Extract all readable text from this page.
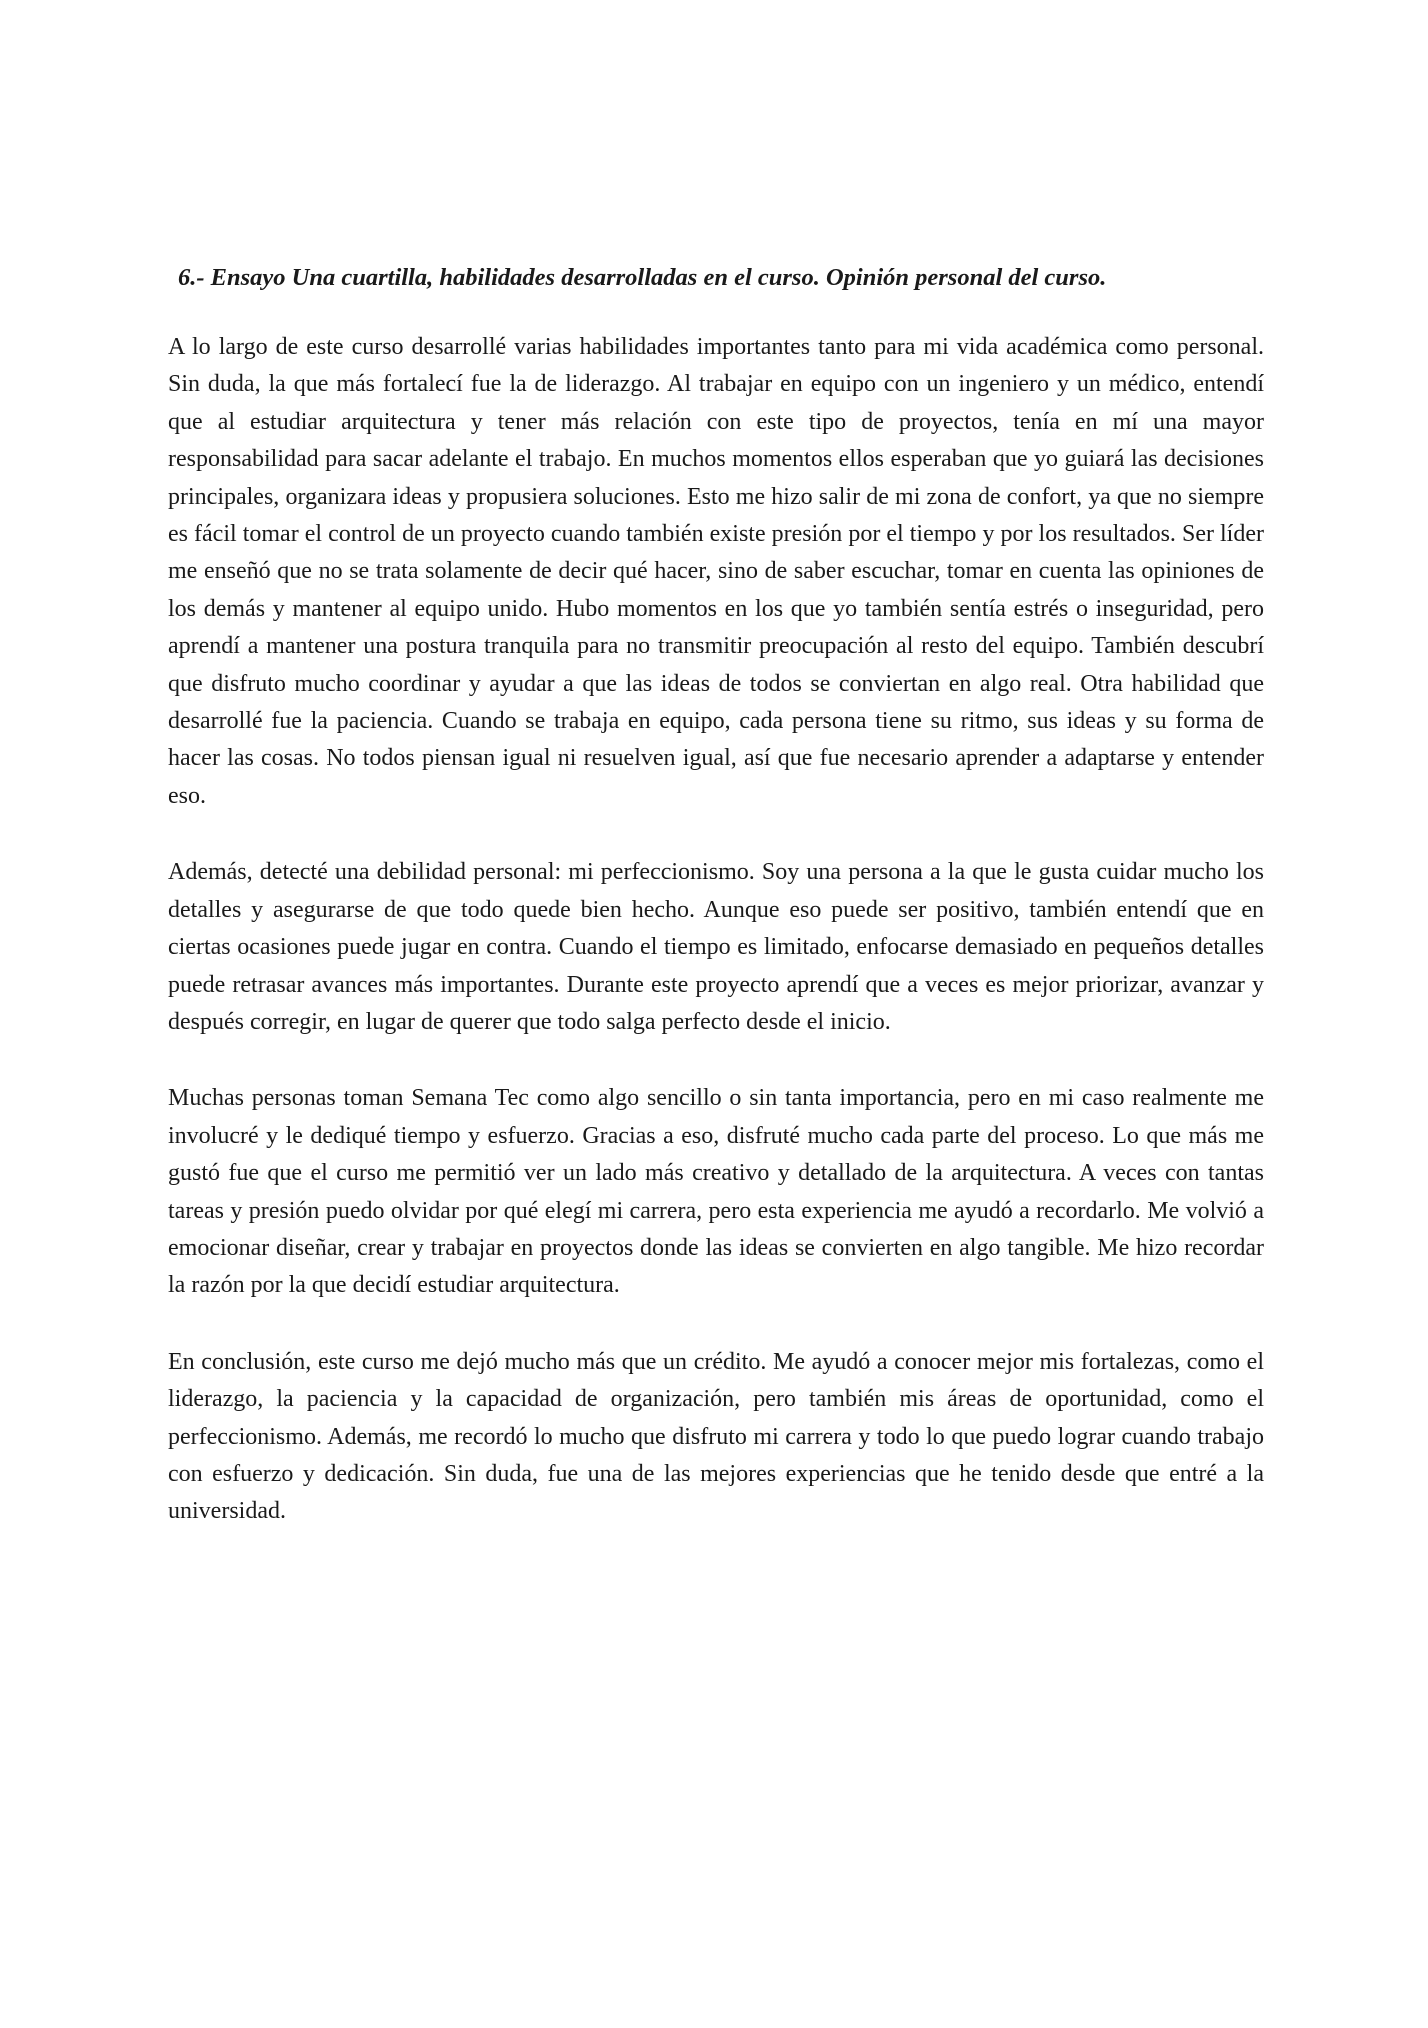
6.- Ensayo Una cuartilla, habilidades desarrolladas en el curso. Opinión personal del curso.

A lo largo de este curso desarrollé varias habilidades importantes tanto para mi vida académica como personal. Sin duda, la que más fortalecí fue la de liderazgo. Al trabajar en equipo con un ingeniero y un médico, entendí que al estudiar arquitectura y tener más relación con este tipo de proyectos, tenía en mí una mayor responsabilidad para sacar adelante el trabajo. En muchos momentos ellos esperaban que yo guiará las decisiones principales, organizara ideas y propusiera soluciones. Esto me hizo salir de mi zona de confort, ya que no siempre es fácil tomar el control de un proyecto cuando también existe presión por el tiempo y por los resultados. Ser líder me enseñó que no se trata solamente de decir qué hacer, sino de saber escuchar, tomar en cuenta las opiniones de los demás y mantener al equipo unido. Hubo momentos en los que yo también sentía estrés o inseguridad, pero aprendí a mantener una postura tranquila para no transmitir preocupación al resto del equipo. También descubrí que disfruto mucho coordinar y ayudar a que las ideas de todos se conviertan en algo real. Otra habilidad que desarrollé fue la paciencia. Cuando se trabaja en equipo, cada persona tiene su ritmo, sus ideas y su forma de hacer las cosas. No todos piensan igual ni resuelven igual, así que fue necesario aprender a adaptarse y entender eso.

Además, detecté una debilidad personal: mi perfeccionismo. Soy una persona a la que le gusta cuidar mucho los detalles y asegurarse de que todo quede bien hecho. Aunque eso puede ser positivo, también entendí que en ciertas ocasiones puede jugar en contra. Cuando el tiempo es limitado, enfocarse demasiado en pequeños detalles puede retrasar avances más importantes. Durante este proyecto aprendí que a veces es mejor priorizar, avanzar y después corregir, en lugar de querer que todo salga perfecto desde el inicio.

Muchas personas toman Semana Tec como algo sencillo o sin tanta importancia, pero en mi caso realmente me involucré y le dediqué tiempo y esfuerzo. Gracias a eso, disfruté mucho cada parte del proceso. Lo que más me gustó fue que el curso me permitió ver un lado más creativo y detallado de la arquitectura. A veces con tantas tareas y presión puedo olvidar por qué elegí mi carrera, pero esta experiencia me ayudó a recordarlo. Me volvió a emocionar diseñar, crear y trabajar en proyectos donde las ideas se convierten en algo tangible. Me hizo recordar la razón por la que decidí estudiar arquitectura.

En conclusión, este curso me dejó mucho más que un crédito. Me ayudó a conocer mejor mis fortalezas, como el liderazgo, la paciencia y la capacidad de organización, pero también mis áreas de oportunidad, como el perfeccionismo. Además, me recordó lo mucho que disfruto mi carrera y todo lo que puedo lograr cuando trabajo con esfuerzo y dedicación. Sin duda, fue una de las mejores experiencias que he tenido desde que entré a la universidad.
